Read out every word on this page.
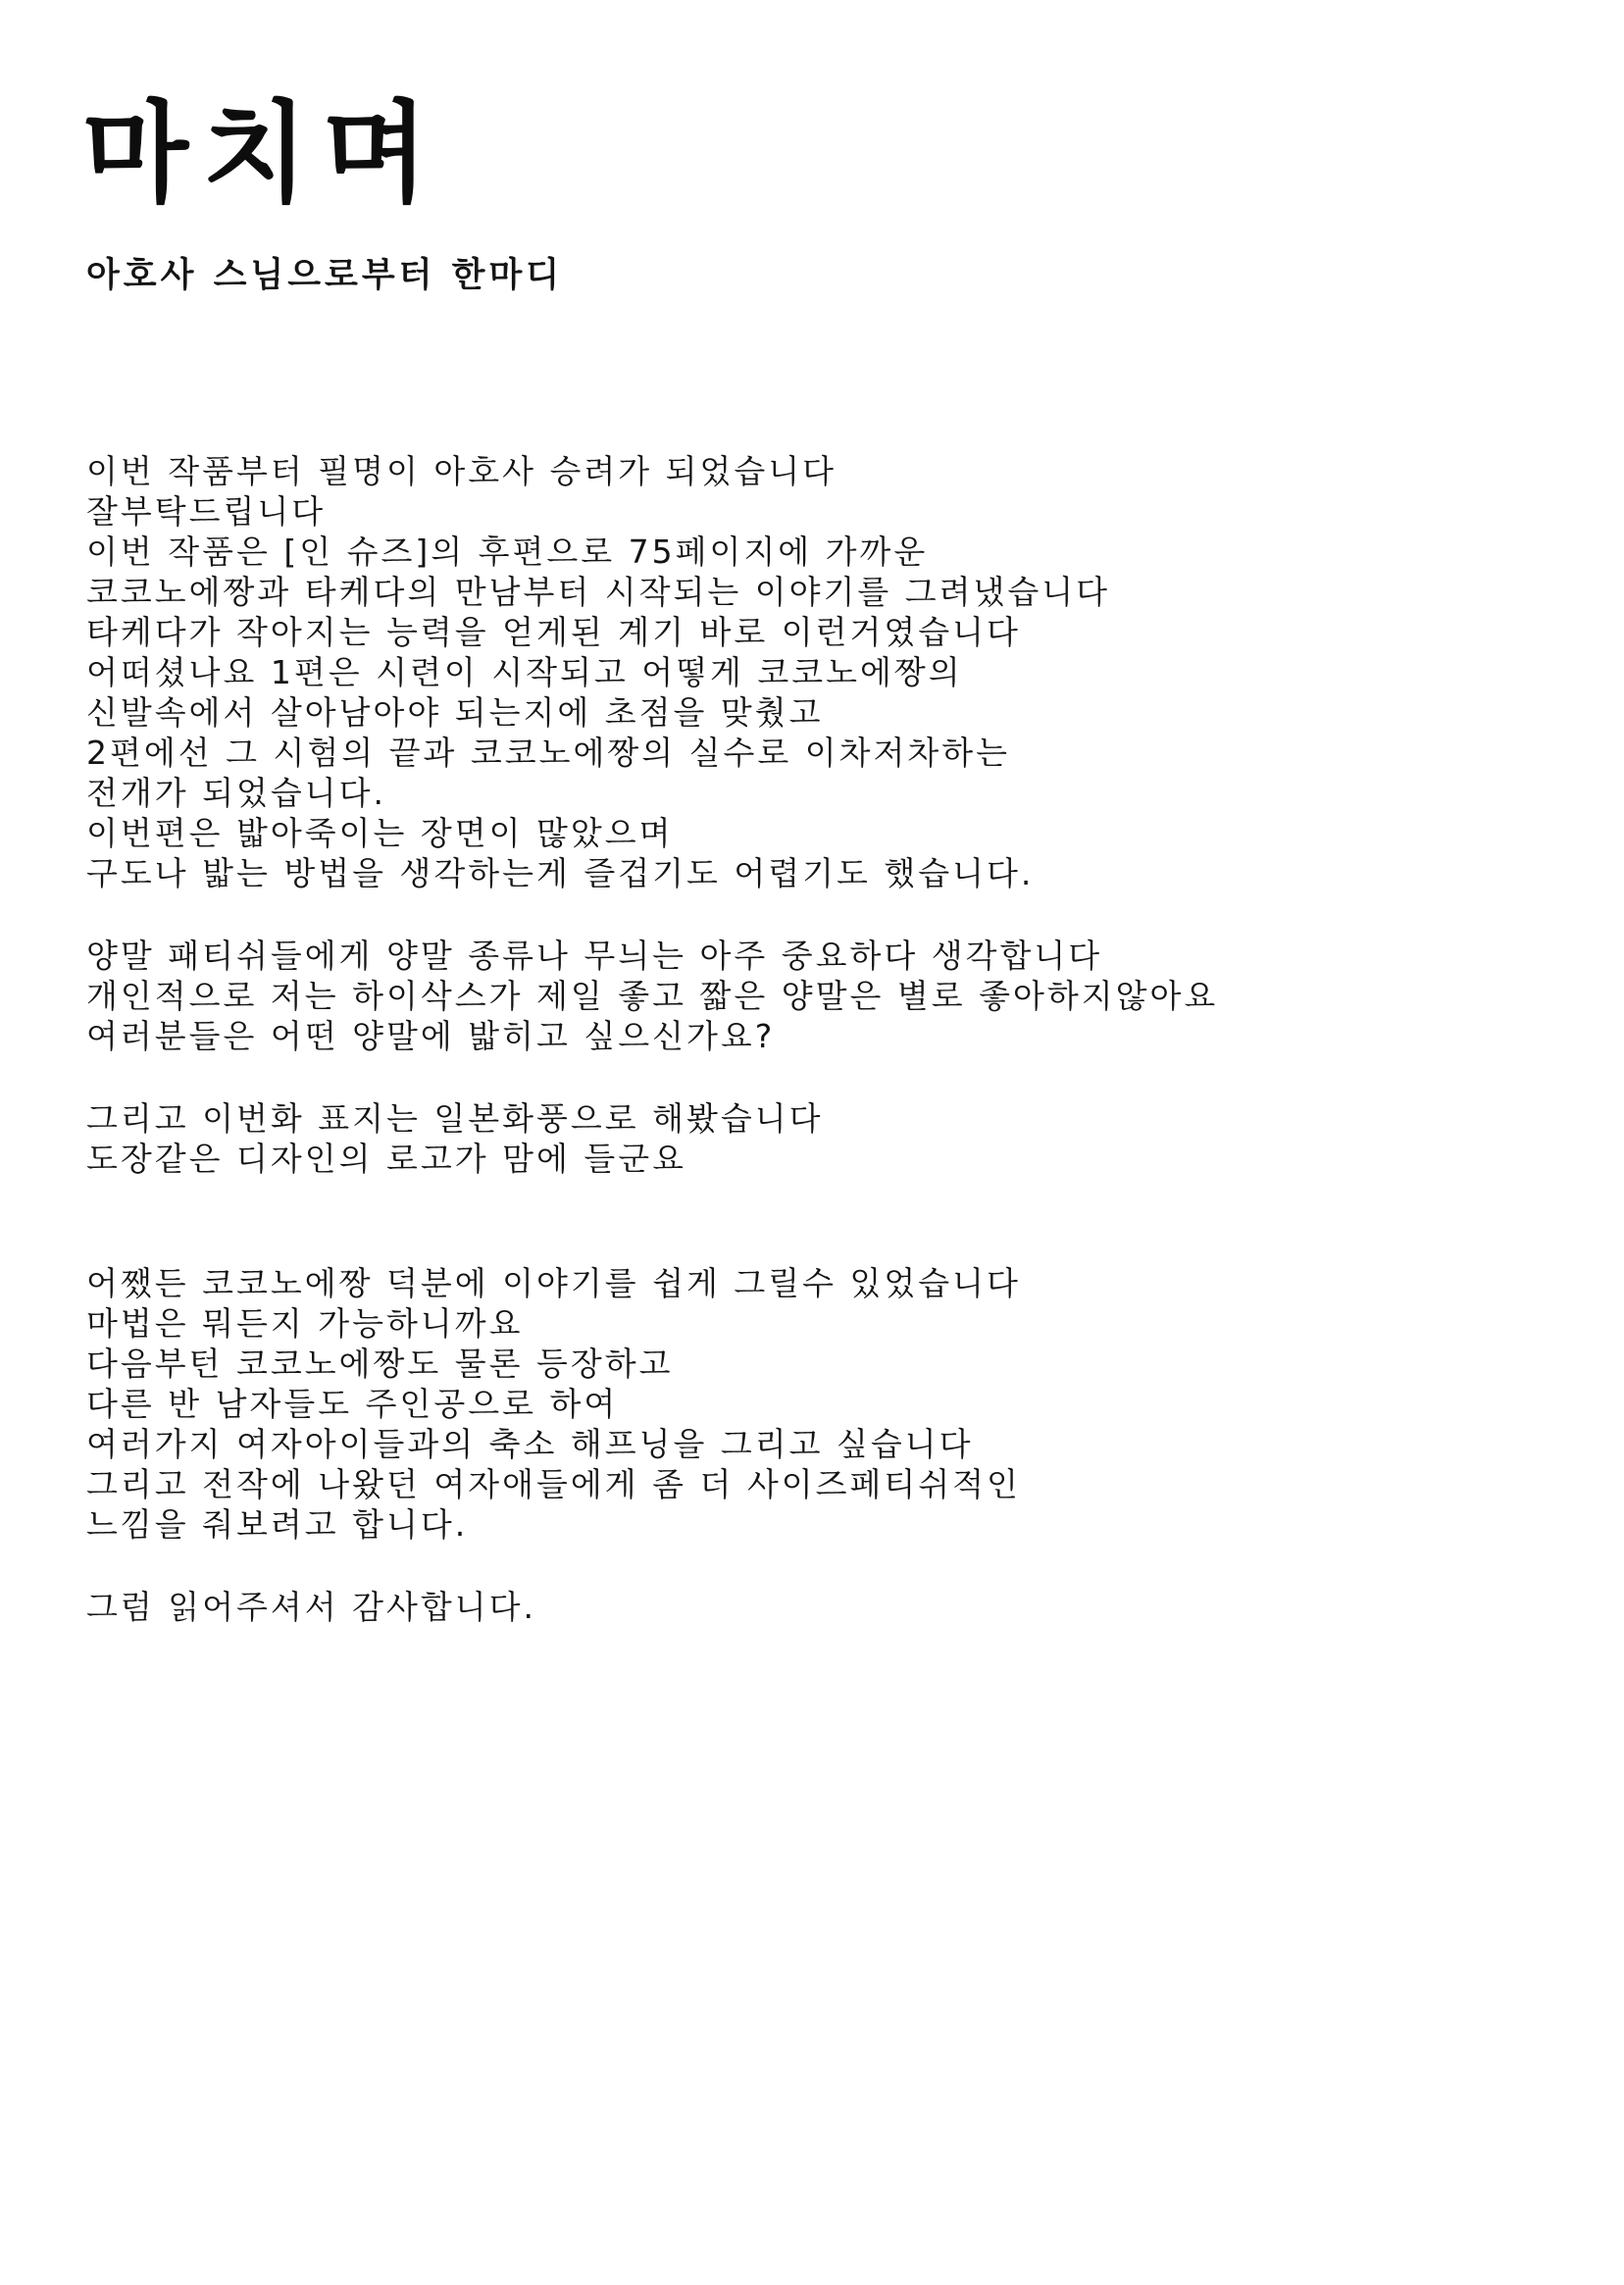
마치며
아호사 스님으로부터 한마디
이번 작품부터 필명이 아호사 승려가 되었습니다
잘부탁드립니다
이번 작품은 [인 슈즈]의 후편으로 75페이지에 가까운
코코노에짱과 타케다의 만남부터 시작되는 이야기를 그려냈습니다
타케다가 작아지는 능력을 얻게된 계기 바로 이런거였습니다
어떠셨나요 1편은 시련이 시작되고 어떻게 코코노에짱의
신발속에서 살아남아야 되는지에 초점을 맞췄고
2편에선 그 시험의 끝과 코코노에짱의 실수로 이차저차하는
전개가 되었습니다.
이번편은 밟아죽이는 장면이 많았으며
구도나 밟는 방법을 생각하는게 즐겁기도 어렵기도 했습니다.
양말 패티쉬들에게 양말 종류나 무늬는 아주 중요하다 생각합니다
개인적으로 저는 하이삭스가 제일 좋고 짧은 양말은 별로 좋아하지않아요
여러분들은 어떤 양말에 밟히고 싶으신가요?
그리고 이번화 표지는 일본화풍으로 해봤습니다
도장같은 디자인의 로고가 맘에 들군요
어쨌든 코코노에짱 덕분에 이야기를 쉽게 그릴수 있었습니다
마법은 뭐든지 가능하니까요
다음부턴 코코노에짱도 물론 등장하고
다른 반 남자들도 주인공으로 하여
여러가지 여자아이들과의 축소 해프닝을 그리고 싶습니다
그리고 전작에 나왔던 여자애들에게 좀 더 사이즈페티쉬적인
느낌을 줘보려고 합니다.
그럼 읽어주셔서 감사합니다.
